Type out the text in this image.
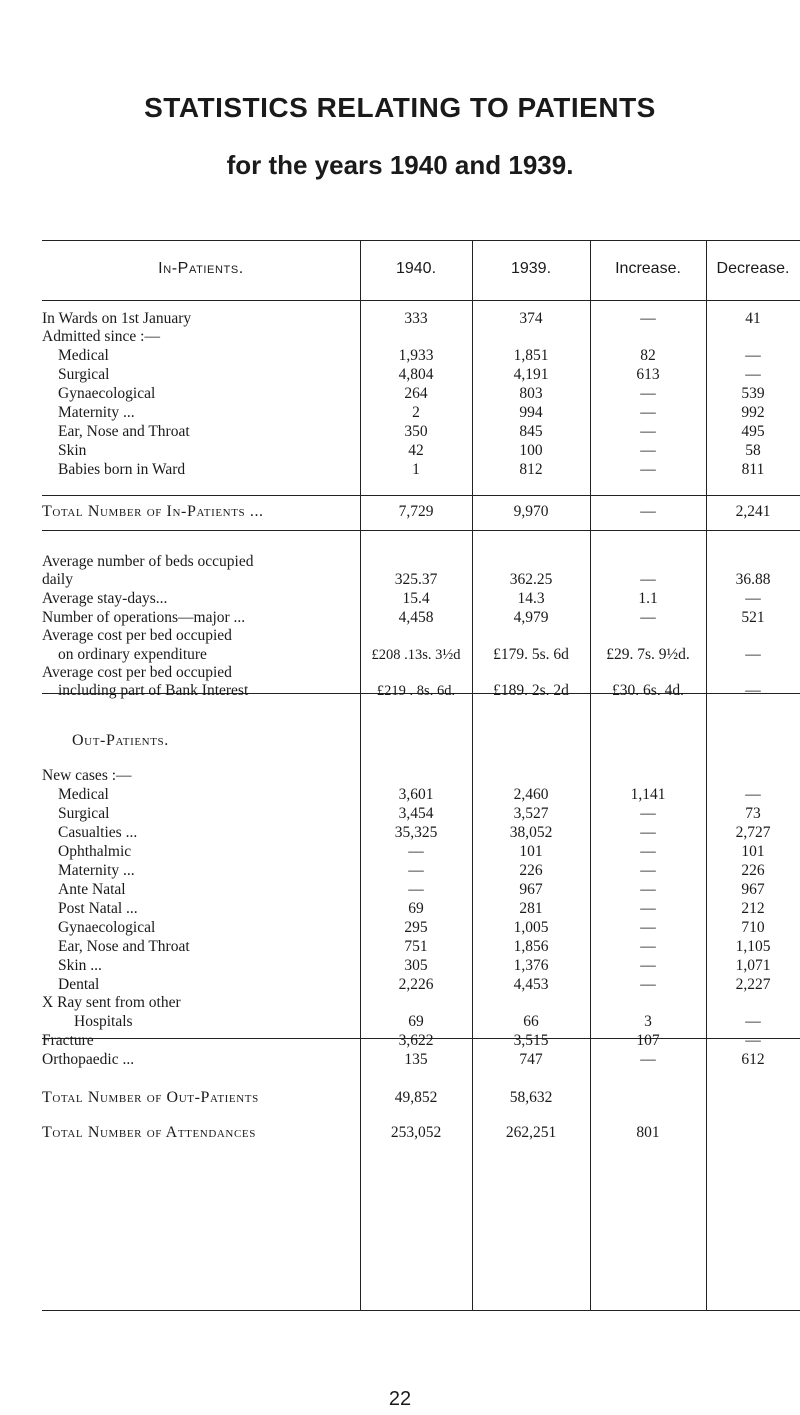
STATISTICS RELATING TO PATIENTS
for the years 1940 and 1939.
In-Patients.	1940.	1939.	Increase.	Decrease.
In Wards on 1st January	333	374	—	41
Admitted since :—
Medical	1,933	1,851	82	—
Surgical	4,804	4,191	613	—
Gynaecological	264	803	—	539
Maternity ...	2	994	—	992
Ear, Nose and Throat	350	845	—	495
Skin	42	100	—	58
Babies born in Ward	1	812	—	811
Total Number of In-Patients ...	7,729	9,970	—	2,241
Average number of beds occupied
daily	325.37	362.25	—	36.88
Average stay-days...	15.4	14.3	1.1	—
Number of operations—major ...	4,458	4,979	—	521
Average cost per bed occupied
on ordinary expenditure	£208 .13s. 3½d	£179. 5s. 6d	£29. 7s. 9½d.	—
Average cost per bed occupied
including part of Bank Interest	£219 . 8s. 6d.	£189. 2s. 2d	£30. 6s. 4d.	—
Out-Patients.
New cases :—
Medical	3,601	2,460	1,141	—
Surgical	3,454	3,527	—	73
Casualties ...	35,325	38,052	—	2,727
Ophthalmic	—	101	—	101
Maternity ...	—	226	—	226
Ante Natal	—	967	—	967
Post Natal ...	69	281	—	212
Gynaecological	295	1,005	—	710
Ear, Nose and Throat	751	1,856	—	1,105
Skin ...	305	1,376	—	1,071
Dental	2,226	4,453	—	2,227
X Ray sent from other
Hospitals	69	66	3	—
Fracture	3,622	3,515	107	—
Orthopaedic ...	135	747	—	612
Total Number of Out-Patients	49,852	58,632
Total Number of Attendances	253,052	262,251	801
22
